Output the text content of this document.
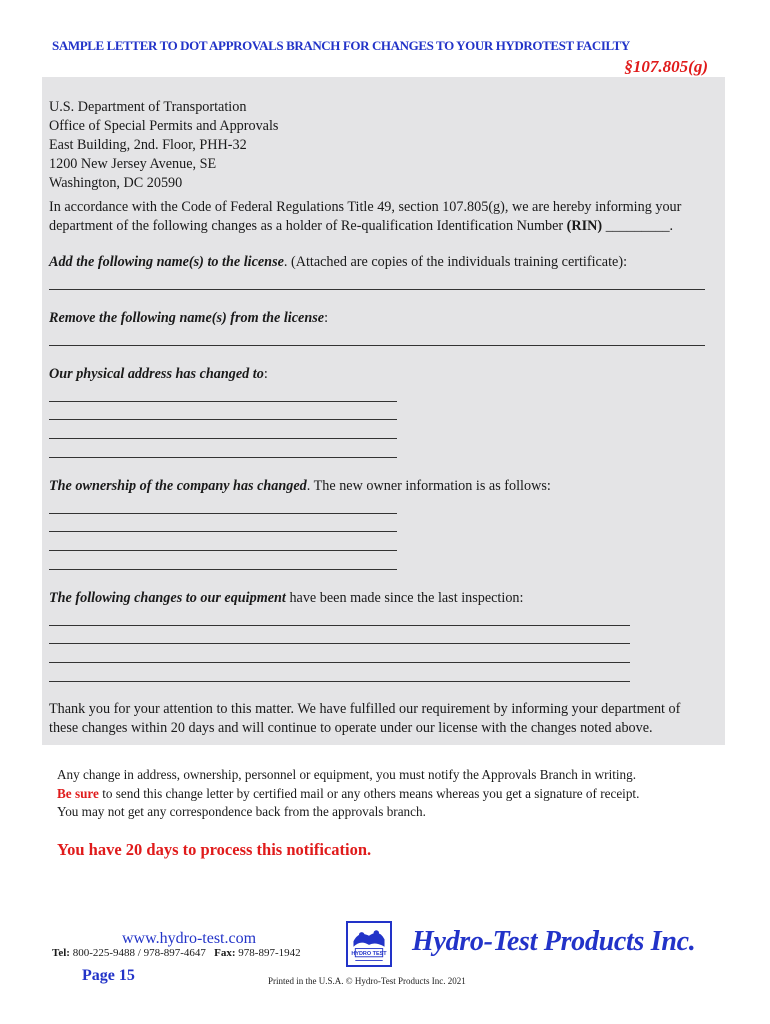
SAMPLE LETTER TO DOT APPROVALS BRANCH FOR CHANGES TO YOUR HYDROTEST FACILTY
§107.805(g)
U.S. Department of Transportation
Office of Special Permits and Approvals
East Building, 2nd. Floor, PHH-32
1200 New Jersey Avenue, SE
Washington, DC 20590
In accordance with the Code of Federal Regulations Title 49, section 107.805(g), we are hereby informing your
department of the following changes as a holder of Re-qualification Identification Number (RIN) _________.
Add the following name(s) to the license. (Attached are copies of the individuals training certificate):
Remove the following name(s) from the license:
Our physical address has changed to:
The ownership of the company has changed. The new owner information is as follows:
The following changes to our equipment have been made since the last inspection:
Thank you for your attention to this matter. We have fulfilled our requirement by informing your department of
these changes within 20 days and will continue to operate under our license with the changes noted above.
Any change in address, ownership, personnel or equipment, you must notify the Approvals Branch in writing.
Be sure to send this change letter by certified mail or any others means whereas you get a signature of receipt.
You may not get any correspondence back from the approvals branch.
You have 20 days to process this notification.
www.hydro-test.com
Tel: 800-225-9488 / 978-897-4647 Fax: 978-897-1942	HYDRO TEST Hydro-Test Products Inc.
Page 15	Printed in the U.S.A. © Hydro-Test Products Inc. 2021
